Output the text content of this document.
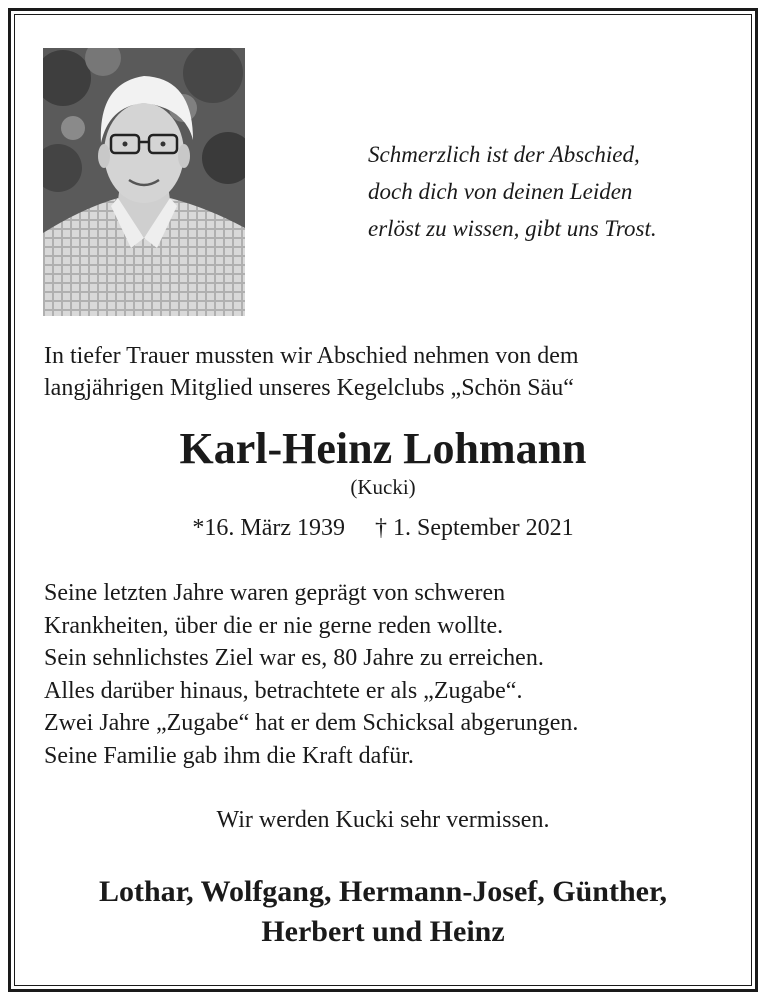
Schmerzlich ist der Abschied,
doch dich von deinen Leiden
erlöst zu wissen, gibt uns Trost.
In tiefer Trauer mussten wir Abschied nehmen von dem
langjährigen Mitglied unseres Kegelclubs „Schön Säu“
Karl-Heinz Lohmann
(Kucki)
*16. März 1939 † 1. September 2021
Seine letzten Jahre waren geprägt von schweren
Krankheiten, über die er nie gerne reden wollte.
Sein sehnlichstes Ziel war es, 80 Jahre zu erreichen.
Alles darüber hinaus, betrachtete er als „Zugabe“.
Zwei Jahre „Zugabe“ hat er dem Schicksal abgerungen.
Seine Familie gab ihm die Kraft dafür.
Wir werden Kucki sehr vermissen.
Lothar, Wolfgang, Hermann-Josef, Günther,
Herbert und Heinz
